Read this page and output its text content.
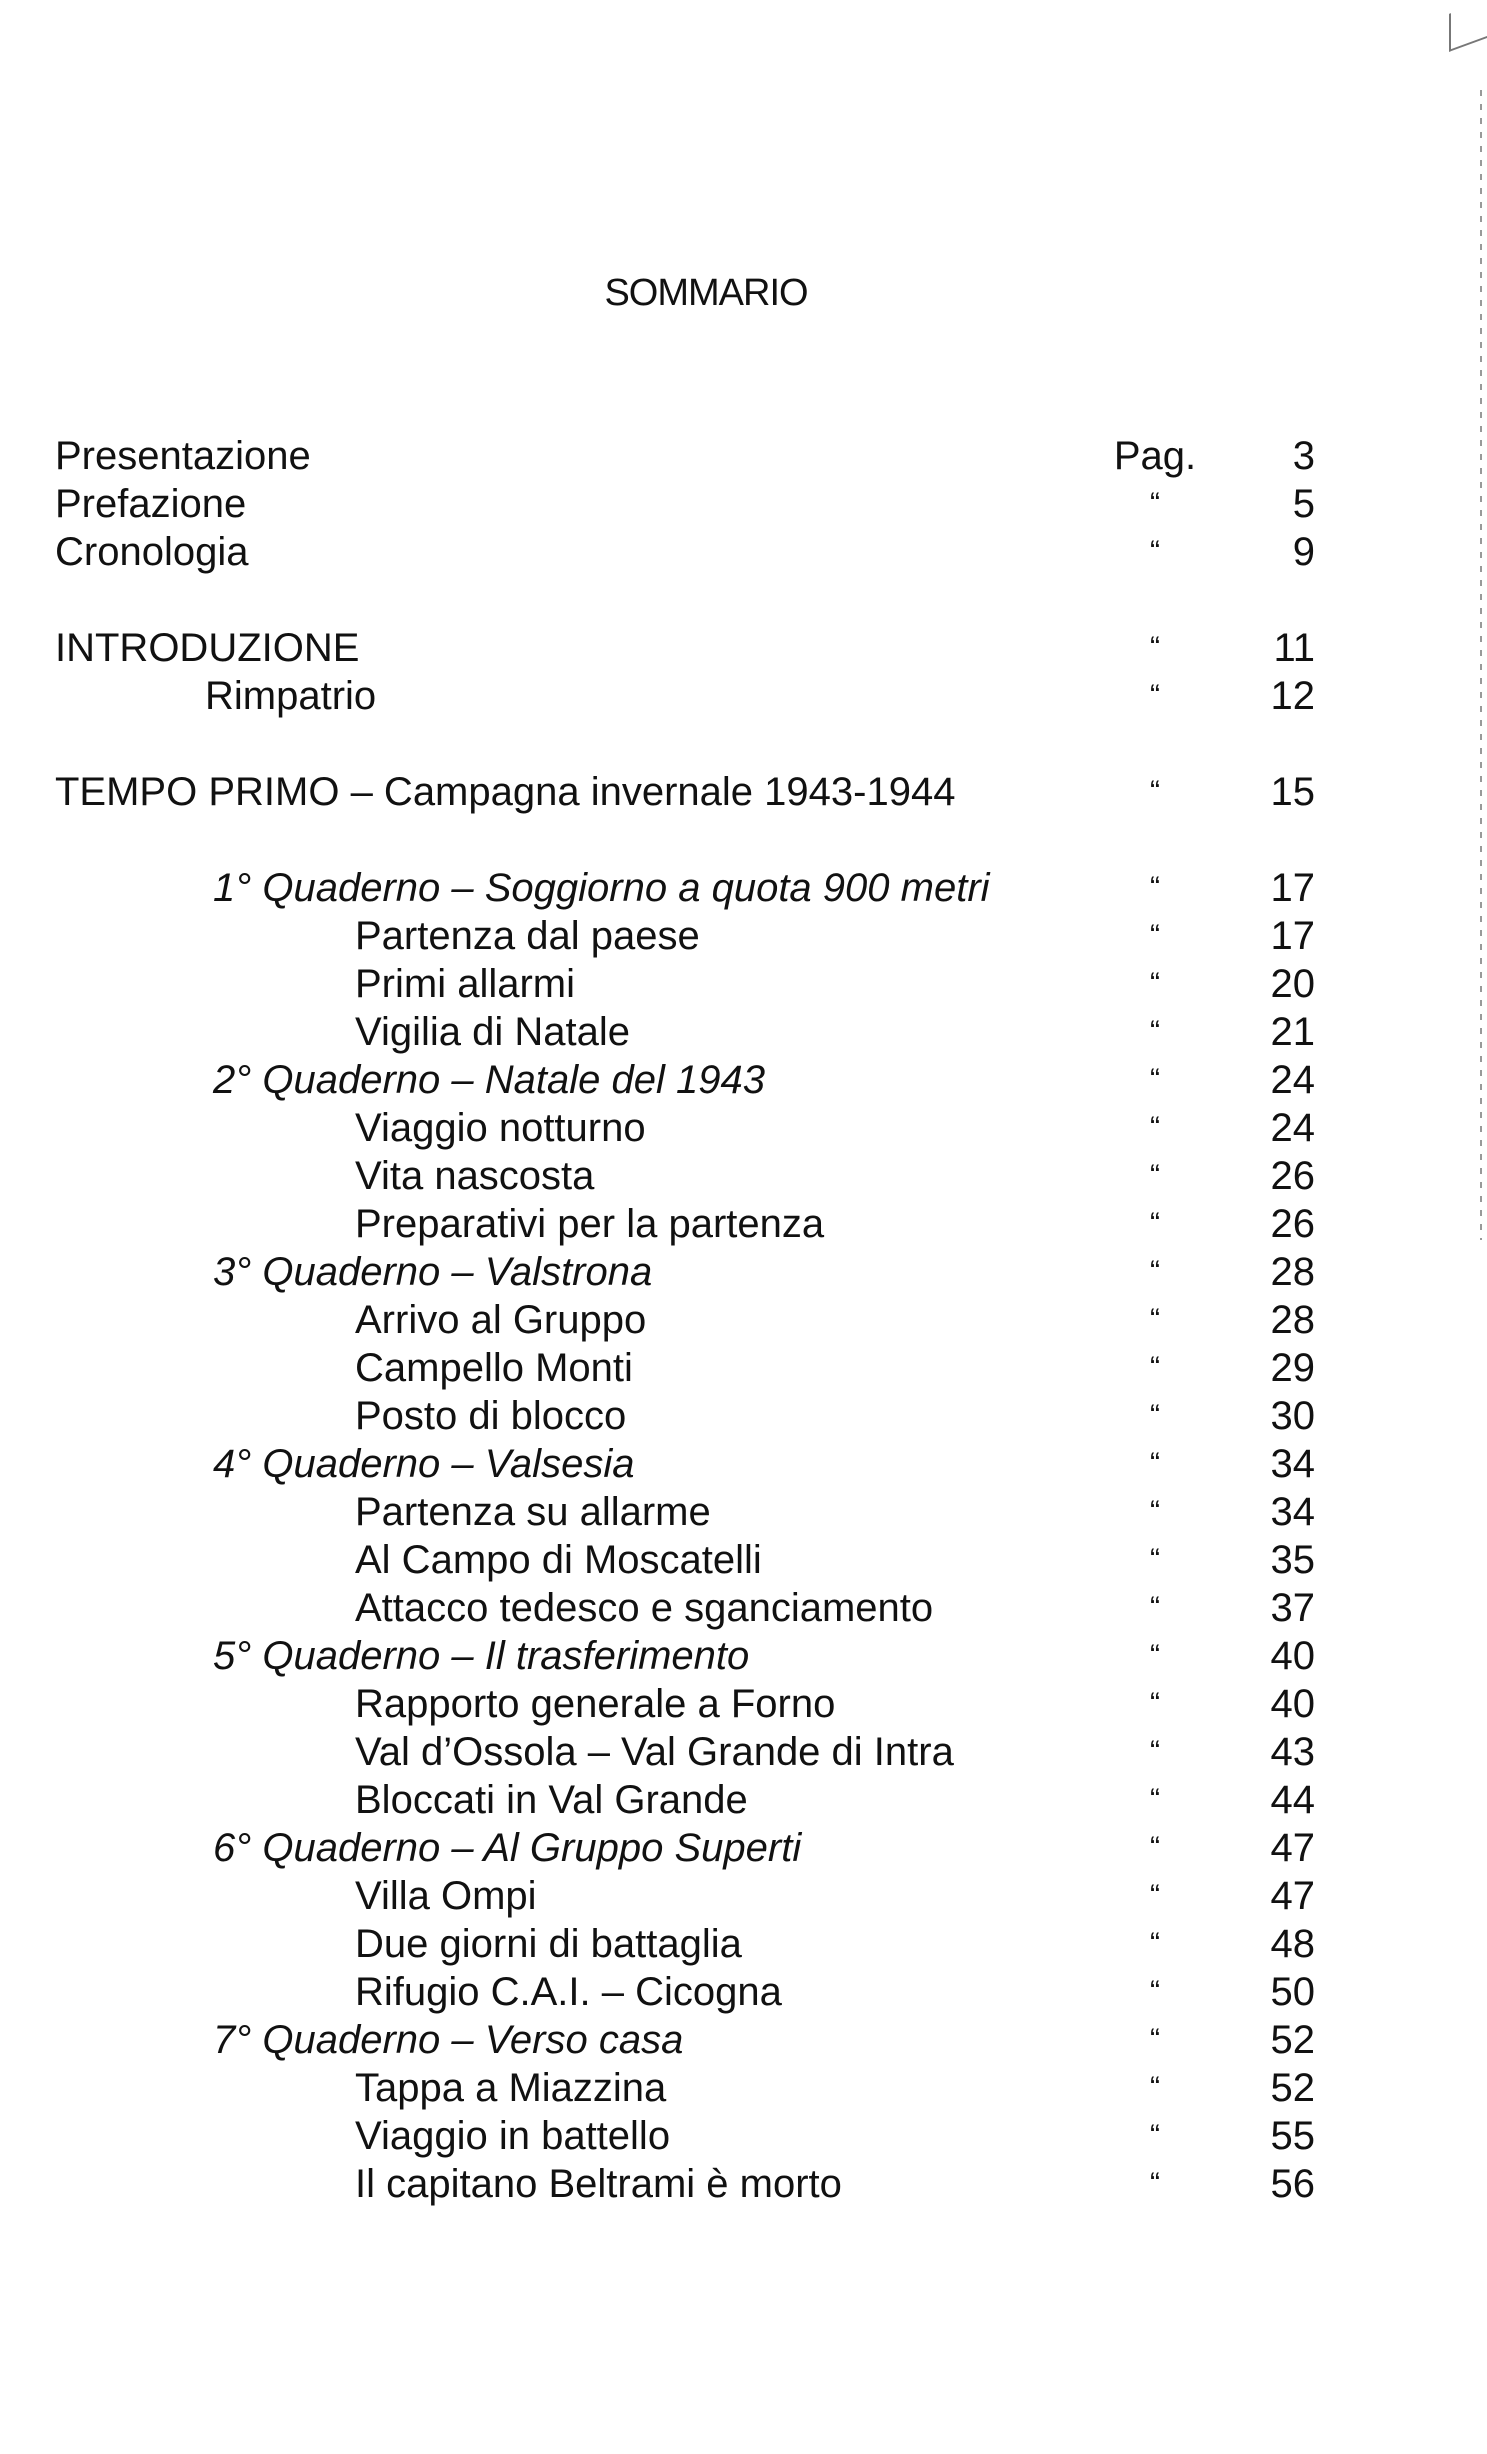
SOMMARIO
Presentazione	Pag.	3
Prefazione	“	5
Cronologia	“	9
INTRODUZIONE	“	11
Rimpatrio	“	12
TEMPO PRIMO – Campagna invernale 1943-1944	“	15
1° Quaderno – Soggiorno a quota 900 metri	“	17
Partenza dal paese	“	17
Primi allarmi	“	20
Vigilia di Natale	“	21
2° Quaderno – Natale del 1943	“	24
Viaggio notturno	“	24
Vita nascosta	“	26
Preparativi per la partenza	“	26
3° Quaderno – Valstrona	“	28
Arrivo al Gruppo	“	28
Campello Monti	“	29
Posto di blocco	“	30
4° Quaderno – Valsesia	“	34
Partenza su allarme	“	34
Al Campo di Moscatelli	“	35
Attacco tedesco e sganciamento	“	37
5° Quaderno – Il trasferimento	“	40
Rapporto generale a Forno	“	40
Val d’Ossola – Val Grande di Intra	“	43
Bloccati in Val Grande	“	44
6° Quaderno – Al Gruppo Superti	“	47
Villa Ompi	“	47
Due giorni di battaglia	“	48
Rifugio C.A.I. – Cicogna	“	50
7° Quaderno – Verso casa	“	52
Tappa a Miazzina	“	52
Viaggio in battello	“	55
Il capitano Beltrami è morto	“	56
